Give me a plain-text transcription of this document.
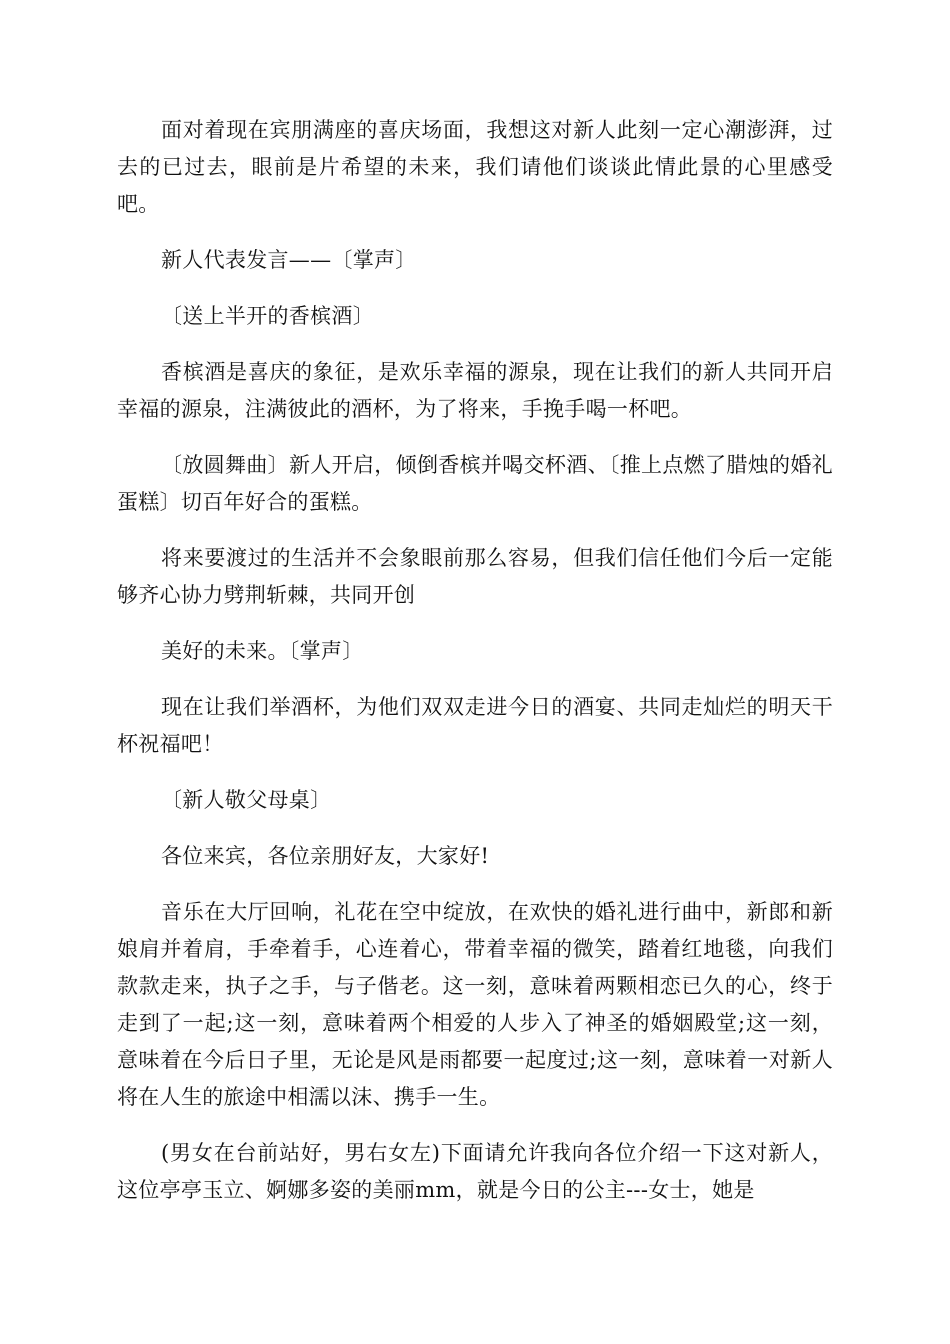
面对着现在宾朋满座的喜庆场面，我想这对新人此刻一定心潮澎湃，过去的已过去，眼前是片希望的未来，我们请他们谈谈此情此景的心里感受吧。

新人代表发言——〔掌声〕

〔送上半开的香槟酒〕

香槟酒是喜庆的象征，是欢乐幸福的源泉，现在让我们的新人共同开启幸福的源泉，注满彼此的酒杯，为了将来，手挽手喝一杯吧。

〔放圆舞曲〕新人开启，倾倒香槟并喝交杯酒、〔推上点燃了腊烛的婚礼蛋糕〕切百年好合的蛋糕。

将来要渡过的生活并不会象眼前那么容易，但我们信任他们今后一定能够齐心协力劈荆斩棘，共同开创

美好的未来。〔掌声〕

现在让我们举酒杯，为他们双双走进今日的酒宴、共同走灿烂的明天干杯祝福吧！

〔新人敬父母桌〕

各位来宾，各位亲朋好友，大家好!

音乐在大厅回响，礼花在空中绽放，在欢快的婚礼进行曲中，新郎和新娘肩并着肩，手牵着手，心连着心，带着幸福的微笑，踏着红地毯，向我们款款走来，执子之手，与子偕老。这一刻，意味着两颗相恋已久的心，终于走到了一起;这一刻，意味着两个相爱的人步入了神圣的婚姻殿堂;这一刻，意味着在今后日子里，无论是风是雨都要一起度过;这一刻，意味着一对新人将在人生的旅途中相濡以沫、携手一生。

(男女在台前站好，男右女左)下面请允许我向各位介绍一下这对新人，这位亭亭玉立、婀娜多姿的美丽mm，就是今日的公主---女士，她是
